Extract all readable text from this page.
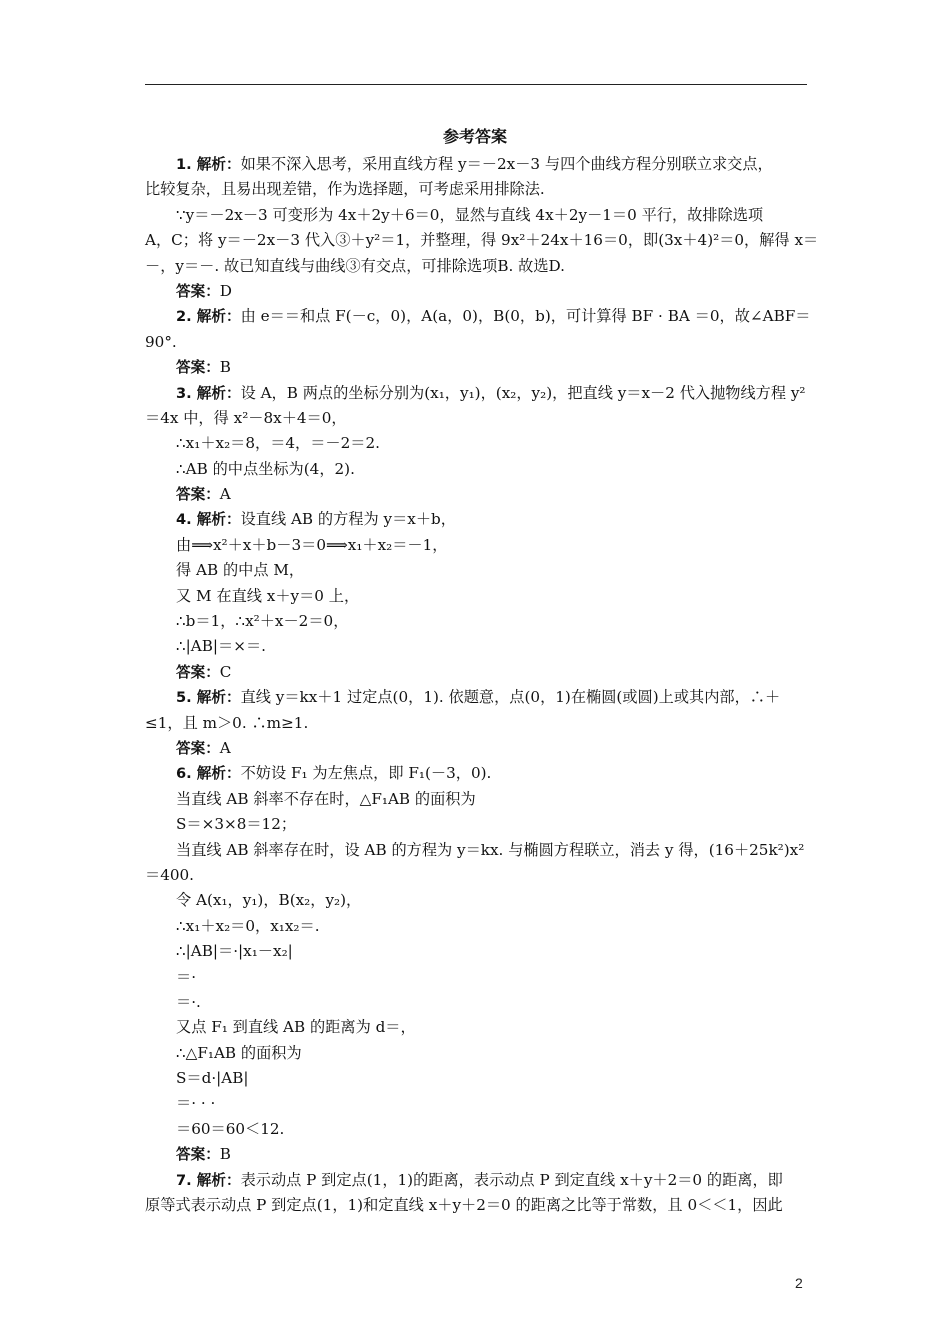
参考答案
1. 解析：如果不深入思考，采用直线方程 y＝－2x－3 与四个曲线方程分别联立求交点，
比较复杂，且易出现差错，作为选择题，可考虑采用排除法.
∵y＝－2x－3 可变形为 4x＋2y＋6＝0，显然与直线 4x＋2y－1＝0 平行，故排除选项
A，C；将 y＝－2x－3 代入③＋y²＝1，并整理，得 9x²＋24x＋16＝0，即(3x＋4)²＝0，解得 x＝
－，y＝－. 故已知直线与曲线③有交点，可排除选项B. 故选D.
答案：D
2. 解析：由 e＝＝和点 F(－c，0)，A(a，0)，B(0，b)，可计算得 BF · BA ＝0，故∠ABF＝
90°.
答案：B
3. 解析：设 A，B 两点的坐标分别为(x₁，y₁)，(x₂，y₂)，把直线 y＝x－2 代入抛物线方程 y²
＝4x 中，得 x²－8x＋4＝0，
∴x₁＋x₂＝8，＝4，＝－2＝2.
∴AB 的中点坐标为(4，2).
答案：A
4. 解析：设直线 AB 的方程为 y＝x＋b，
由⟹x²＋x＋b－3＝0⟹x₁＋x₂＝－1，
得 AB 的中点 M，
又 M 在直线 x＋y＝0 上，
∴b＝1，∴x²＋x－2＝0，
∴|AB|＝×＝.
答案：C
5. 解析：直线 y＝kx＋1 过定点(0，1). 依题意，点(0，1)在椭圆(或圆)上或其内部，∴＋
≤1，且 m＞0. ∴m≥1.
答案：A
6. 解析：不妨设 F₁ 为左焦点，即 F₁(－3，0).
当直线 AB 斜率不存在时，△F₁AB 的面积为
S＝×3×8＝12；
当直线 AB 斜率存在时，设 AB 的方程为 y＝kx. 与椭圆方程联立，消去 y 得，(16＋25k²)x²
＝400.
令 A(x₁，y₁)，B(x₂，y₂)，
∴x₁＋x₂＝0，x₁x₂＝.
∴|AB|＝·|x₁－x₂|
＝·
＝·.
又点 F₁ 到直线 AB 的距离为 d＝，
∴△F₁AB 的面积为
S＝d·|AB|
＝· · ·
＝60＝60＜12.
答案：B
7. 解析：表示动点 P 到定点(1，1)的距离，表示动点 P 到定直线 x＋y＋2＝0 的距离，即
原等式表示动点 P 到定点(1，1)和定直线 x＋y＋2＝0 的距离之比等于常数，且 0＜＜1，因此
2
